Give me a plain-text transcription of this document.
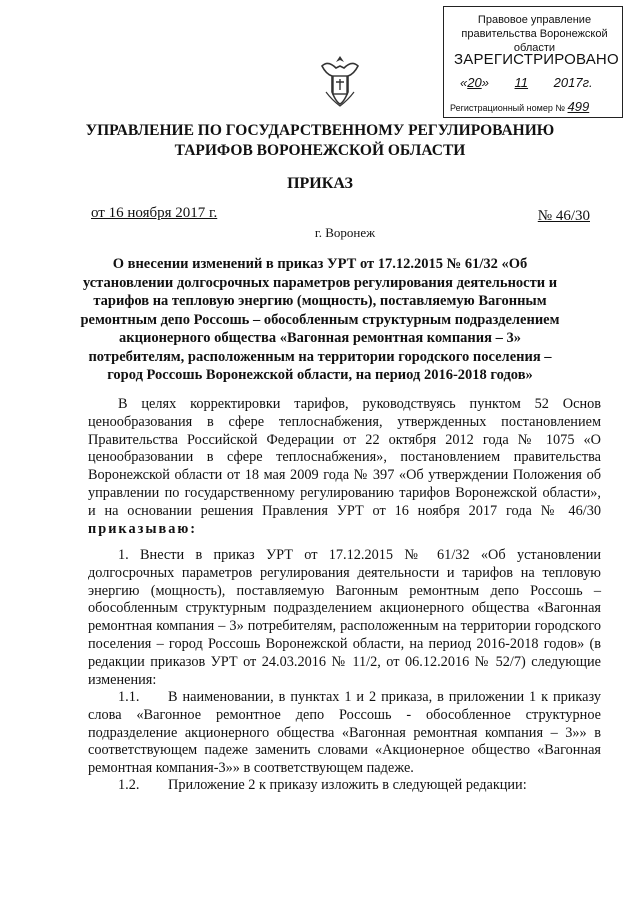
Правовое управление правительства Воронежской области
ЗАРЕГИСТРИРОВАНО
«20» 11 2017г.
Регистрационный номер № 499
УПРАВЛЕНИЕ ПО ГОСУДАРСТВЕННОМУ РЕГУЛИРОВАНИЮ
ТАРИФОВ ВОРОНЕЖСКОЙ ОБЛАСТИ
ПРИКАЗ
от 16 ноября 2017 г.	№ 46/30
г. Воронеж
О внесении изменений в приказ УРТ от 17.12.2015 № 61/32 «Об установлении долгосрочных параметров регулирования деятельности и тарифов на тепловую энергию (мощность), поставляемую Вагонным ремонтным депо Россошь – обособленным структурным подразделением акционерного общества «Вагонная ремонтная компания – 3» потребителям, расположенным на территории городского поселения – город Россошь Воронежской области, на период 2016-2018 годов»
В целях корректировки тарифов, руководствуясь пунктом 52 Основ ценообразования в сфере теплоснабжения, утвержденных постановлением Правительства Российской Федерации от 22 октября 2012 года № 1075 «О ценообразовании в сфере теплоснабжения», постановлением правительства Воронежской области от 18 мая 2009 года № 397 «Об утверждении Положения об управлении по государственному регулированию тарифов Воронежской области», и на основании решения Правления УРТ от 16 ноября 2017 года № 46/30 приказываю:
1. Внести в приказ УРТ от 17.12.2015 № 61/32 «Об установлении долгосрочных параметров регулирования деятельности и тарифов на тепловую энергию (мощность), поставляемую Вагонным ремонтным депо Россошь – обособленным структурным подразделением акционерного общества «Вагонная ремонтная компания – 3» потребителям, расположенным на территории городского поселения – город Россошь Воронежской области, на период 2016-2018 годов» (в редакции приказов УРТ от 24.03.2016 № 11/2, от 06.12.2016 № 52/7) следующие изменения:
1.1. В наименовании, в пунктах 1 и 2 приказа, в приложении 1 к приказу слова «Вагонное ремонтное депо Россошь - обособленное структурное подразделение акционерного общества «Вагонная ремонтная компания – 3»» в соответствующем падеже заменить словами «Акционерное общество «Вагонная ремонтная компания-3»» в соответствующем падеже.
1.2. Приложение 2 к приказу изложить в следующей редакции:
